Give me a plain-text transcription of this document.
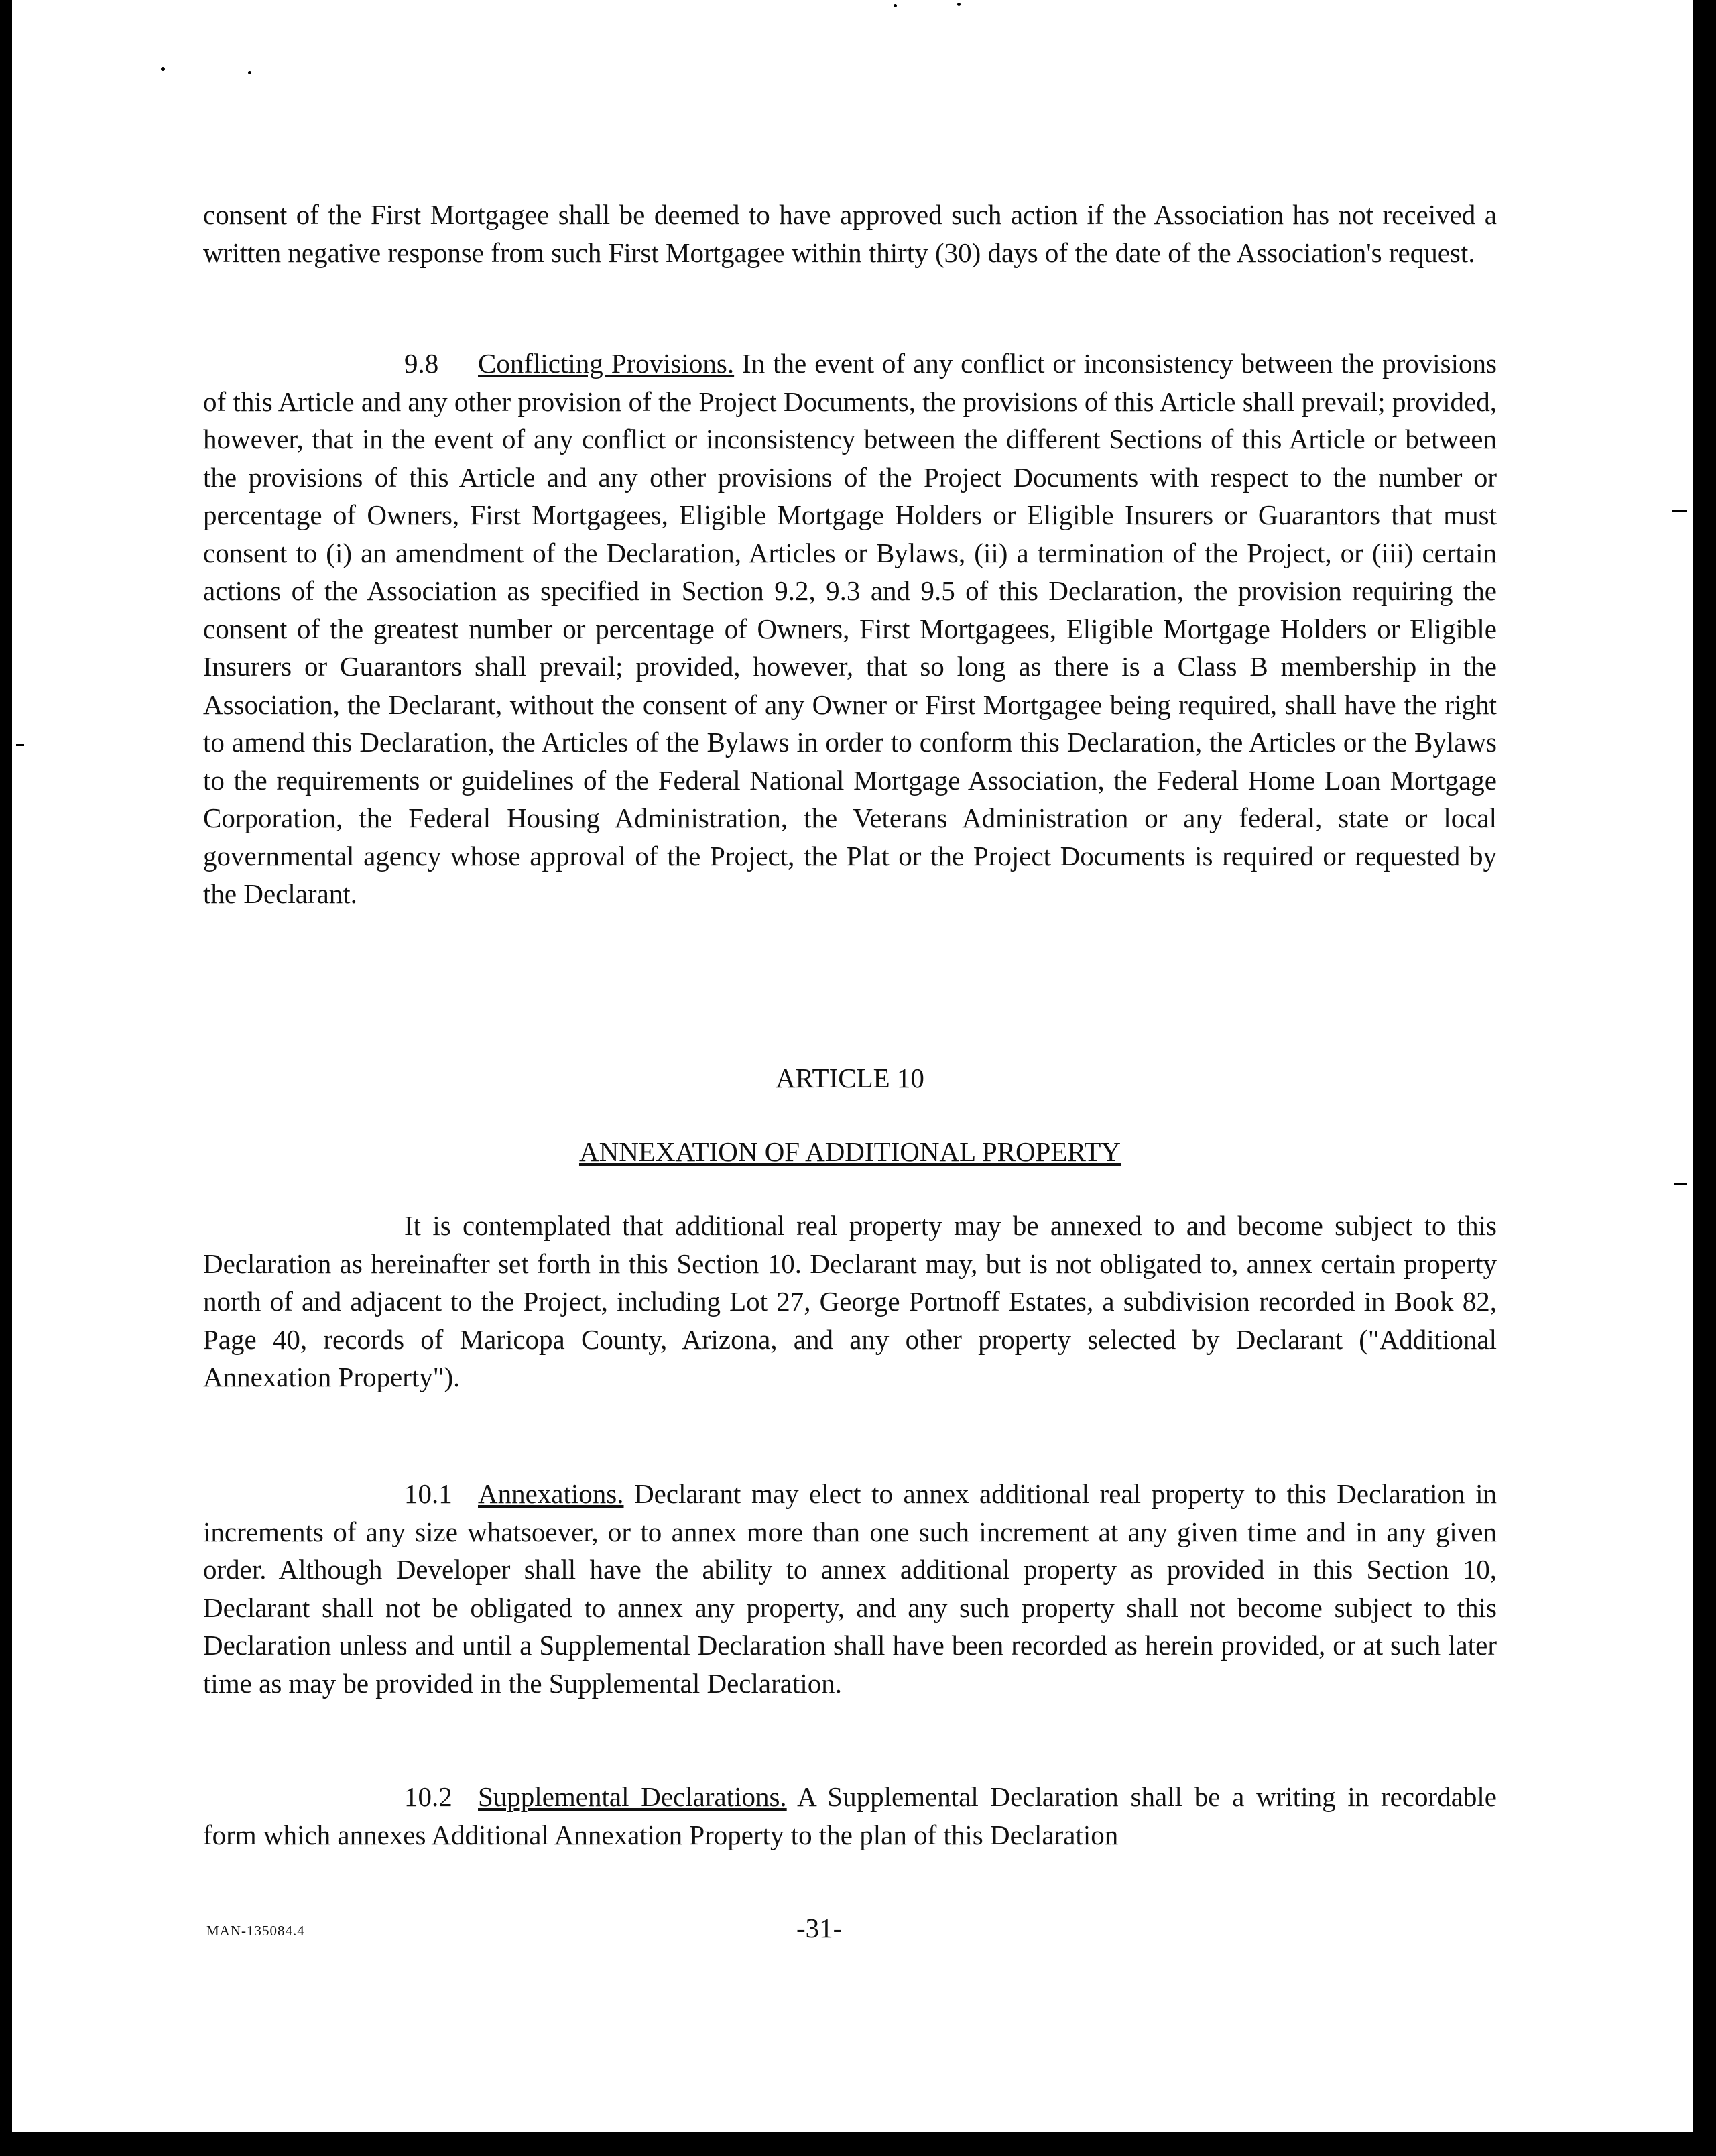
consent of the First Mortgagee shall be deemed to have approved such action if the Association has not received a written negative response from such First Mortgagee within thirty (30) days of the date of the Association's request.
9.8 Conflicting Provisions. In the event of any conflict or inconsistency between the provisions of this Article and any other provision of the Project Documents, the provisions of this Article shall prevail; provided, however, that in the event of any conflict or inconsistency between the different Sections of this Article or between the provisions of this Article and any other provisions of the Project Documents with respect to the number or percentage of Owners, First Mortgagees, Eligible Mortgage Holders or Eligible Insurers or Guarantors that must consent to (i) an amendment of the Declaration, Articles or Bylaws, (ii) a termination of the Project, or (iii) certain actions of the Association as specified in Section 9.2, 9.3 and 9.5 of this Declaration, the provision requiring the consent of the greatest number or percentage of Owners, First Mortgagees, Eligible Mortgage Holders or Eligible Insurers or Guarantors shall prevail; provided, however, that so long as there is a Class B membership in the Association, the Declarant, without the consent of any Owner or First Mortgagee being required, shall have the right to amend this Declaration, the Articles of the Bylaws in order to conform this Declaration, the Articles or the Bylaws to the requirements or guidelines of the Federal National Mortgage Association, the Federal Home Loan Mortgage Corporation, the Federal Housing Administration, the Veterans Administration or any federal, state or local governmental agency whose approval of the Project, the Plat or the Project Documents is required or requested by the Declarant.
ARTICLE 10
ANNEXATION OF ADDITIONAL PROPERTY
It is contemplated that additional real property may be annexed to and become subject to this Declaration as hereinafter set forth in this Section 10. Declarant may, but is not obligated to, annex certain property north of and adjacent to the Project, including Lot 27, George Portnoff Estates, a subdivision recorded in Book 82, Page 40, records of Maricopa County, Arizona, and any other property selected by Declarant ("Additional Annexation Property").
10.1 Annexations. Declarant may elect to annex additional real property to this Declaration in increments of any size whatsoever, or to annex more than one such increment at any given time and in any given order. Although Developer shall have the ability to annex additional property as provided in this Section 10, Declarant shall not be obligated to annex any property, and any such property shall not become subject to this Declaration unless and until a Supplemental Declaration shall have been recorded as herein provided, or at such later time as may be provided in the Supplemental Declaration.
10.2 Supplemental Declarations. A Supplemental Declaration shall be a writing in recordable form which annexes Additional Annexation Property to the plan of this Declaration
MAN-135084.4	-31-
